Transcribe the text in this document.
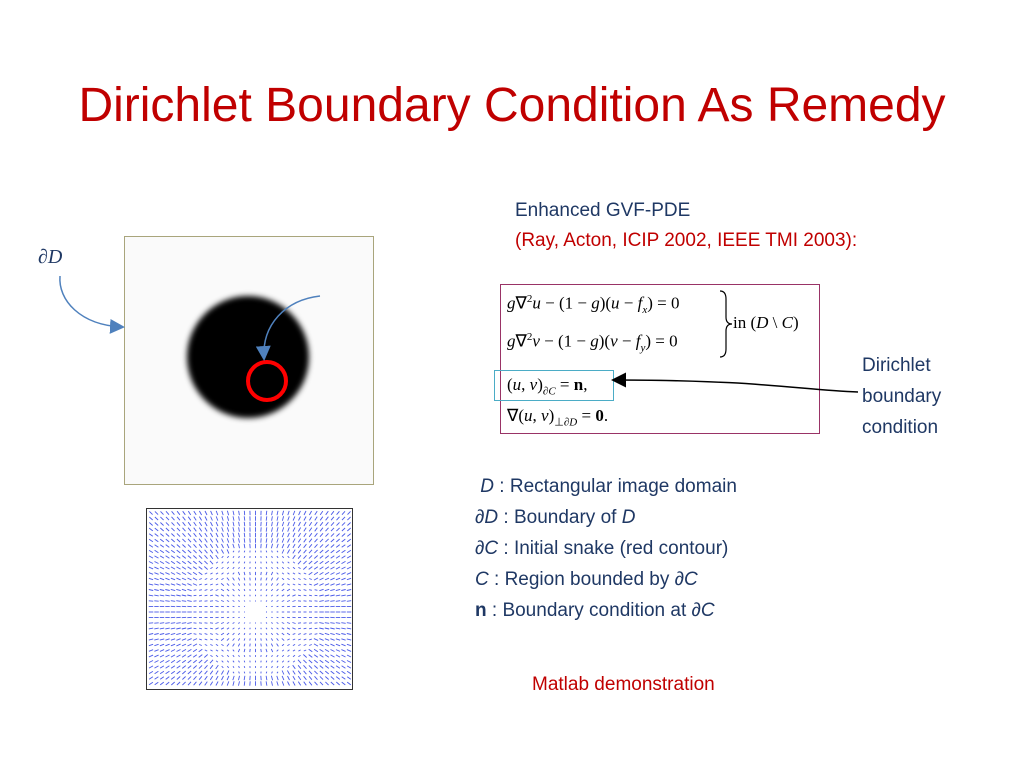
Dirichlet Boundary Condition As Remedy
Enhanced GVF-PDE
(Ray, Acton, ICIP 2002, IEEE TMI 2003):
∂D
$g\nabla^2u - (1 - g)(u - f_x) = 0$
$g\nabla^2v - (1 - g)(v - f_y) = 0$
in (D \ C)
(u, $v)_{\partial C} = n$,
∇(u, $v)_{\perp\partial D} = 0$.
Dirichlet
boundary
condition
D : Rectangular image domain
∂D : Boundary of D
∂C : Initial snake (red contour)
C : Region bounded by ∂C
n : Boundary condition at ∂C
Matlab demonstration
